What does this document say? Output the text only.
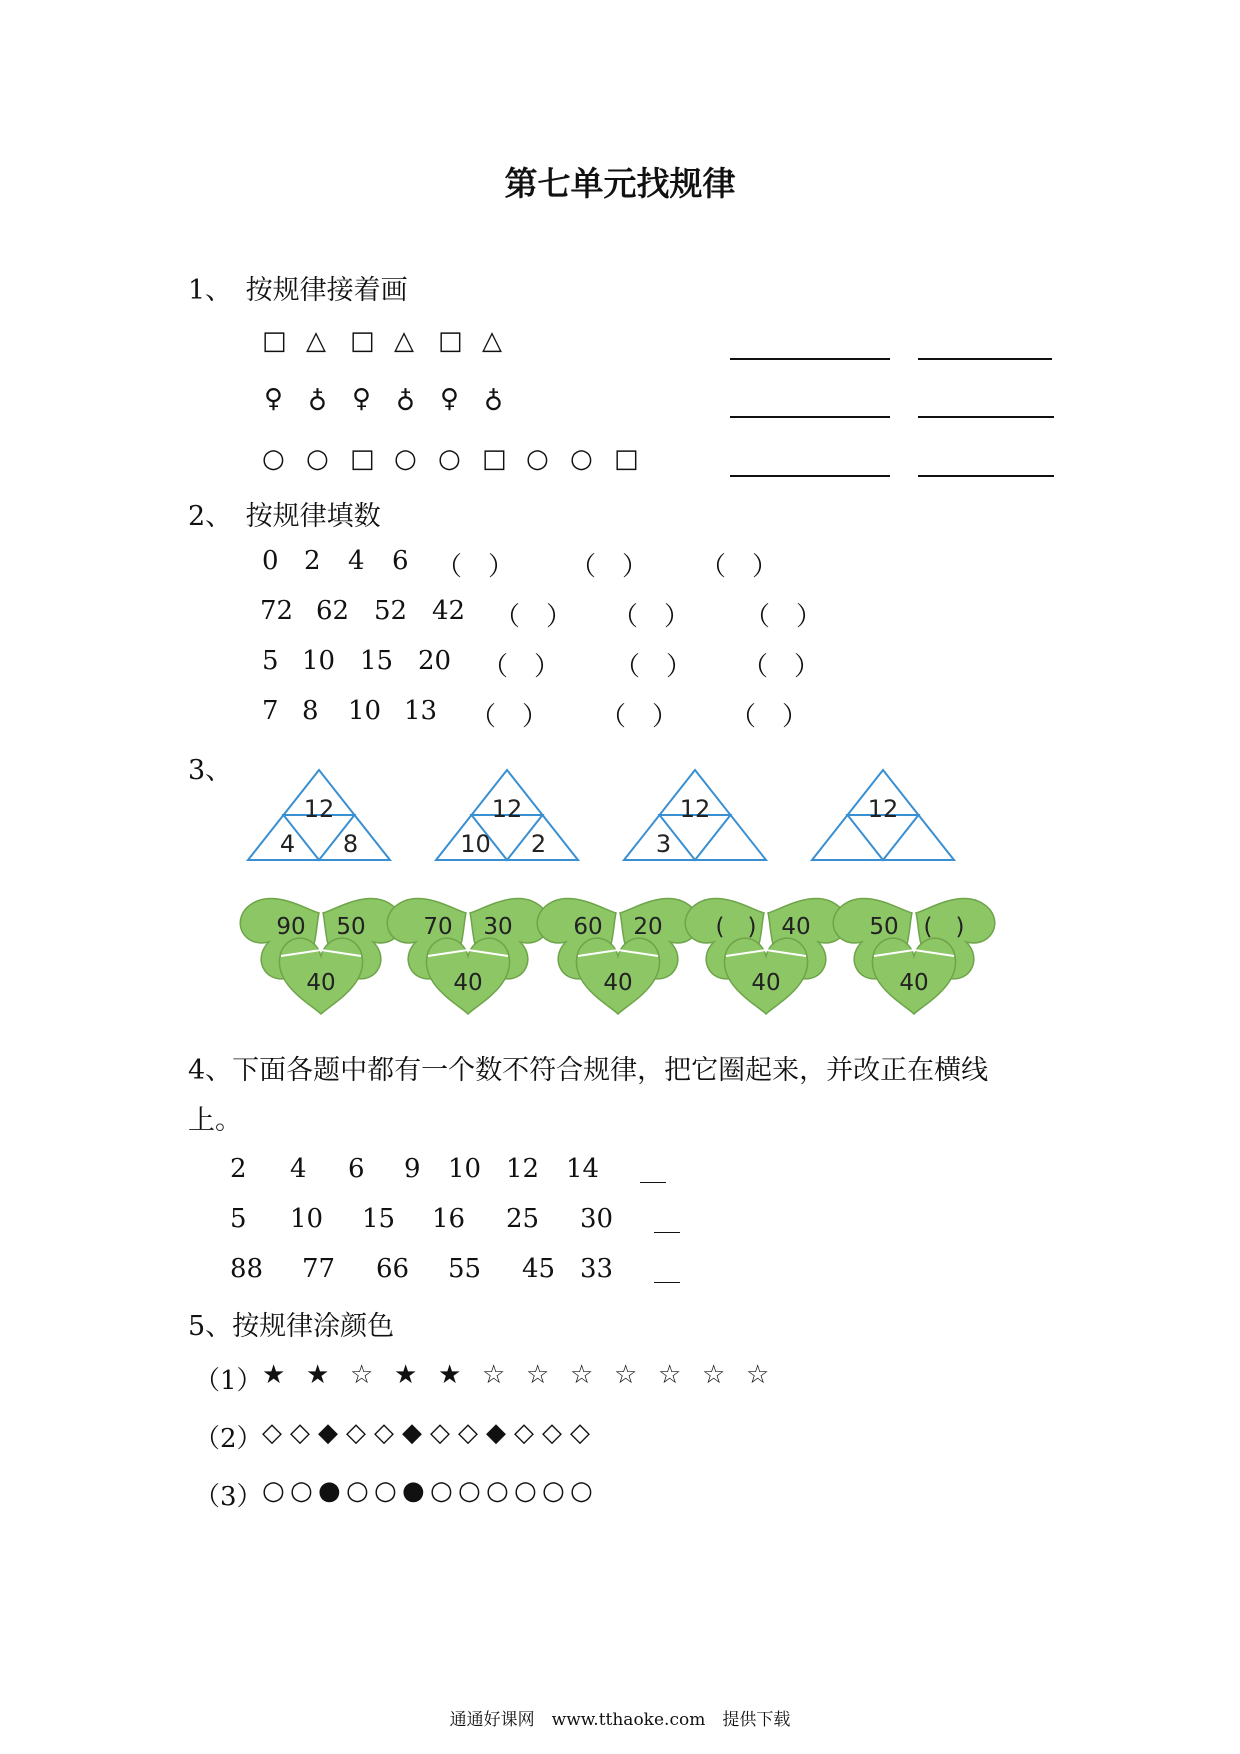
第七单元找规律
1、　按规律接着画
□ △ □ △ □ △
♀ ♁ ♀ ♁ ♀ ♁
○ ○ □ ○ ○ □ ○ ○ □
2、　按规律填数
0 2 4 6 （　） （　） （　）
72 62 52 42 （　） （　） （　）
5 10 15 20 （　） （　） （　）
7 8 10 13 （　） （　） （　）
3、
12
4 8
12
10 2
12
3
12
90 50
40
70 30
40
60 20
40
(　) 40
40
50 (　)
40
4、下面各题中都有一个数不符合规律，把它圈起来，并改正在横线
上。
2 4 6 9 10 12 14
5 10 15 16 25 30
88 77 66 55 45 33
5、按规律涂颜色
（1） ★ ★ ☆ ★ ★ ☆ ☆ ☆ ☆ ☆ ☆ ☆
（2） ◇ ◇ ◆ ◇ ◇ ◆ ◇ ◇ ◆ ◇ ◇ ◇
（3） ○ ○ ● ○ ○ ● ○ ○ ○ ○ ○ ○
通通好课网　www.tthaoke.com　提供下载
